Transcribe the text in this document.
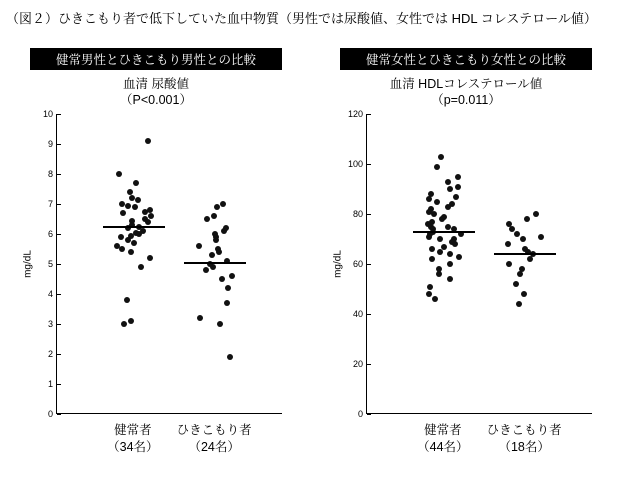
（図２）ひきこもり者で低下していた血中物質（男性では尿酸値、女性では HDL コレステロール値）
健常男性とひきこもり男性との比較
血清 尿酸値
（P<0.001）
mg/dL
10
9
8
7
6
5
4
3
2
1
0
健常者
（34名）
ひきこもり者
（24名）
健常女性とひきこもり女性との比較
血清 HDLコレステロール値
（p=0.011）
mg/dL
120
100
80
60
40
20
0
健常者
（44名）
ひきこもり者
（18名）
